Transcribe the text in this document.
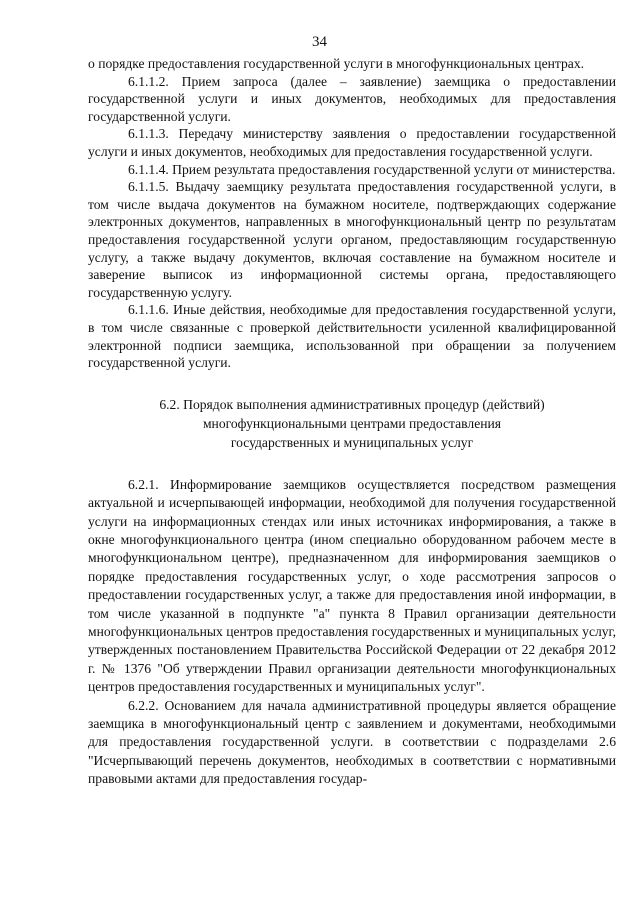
34

о порядке предоставления государственной услуги в многофункциональных центрах.

6.1.1.2. Прием запроса (далее – заявление) заемщика о предоставлении государственной услуги и иных документов, необходимых для предоставления государственной услуги.

6.1.1.3. Передачу министерству заявления о предоставлении государственной услуги и иных документов, необходимых для предоставления государственной услуги.

6.1.1.4. Прием результата предоставления государственной услуги от министерства.

6.1.1.5. Выдачу заемщику результата предоставления государственной услуги, в том числе выдача документов на бумажном носителе, подтверждающих содержание электронных документов, направленных в многофункциональный центр по результатам предоставления государственной услуги органом, предоставляющим государственную услугу, а также выдачу документов, включая составление на бумажном носителе и заверение выписок из информационной системы органа, предоставляющего государственную услугу.

6.1.1.6. Иные действия, необходимые для предоставления государственной услуги, в том числе связанные с проверкой действительности усиленной квалифицированной электронной подписи заемщика, использованной при обращении за получением государственной услуги.

6.2. Порядок выполнения административных процедур (действий)
многофункциональными центрами предоставления
государственных и муниципальных услуг

6.2.1. Информирование заемщиков осуществляется посредством размещения актуальной и исчерпывающей информации, необходимой для получения государственной услуги на информационных стендах или иных источниках информирования, а также в окне многофункционального центра (ином специально оборудованном рабочем месте в многофункциональном центре), предназначенном для информирования заемщиков о порядке предоставления государственных услуг, о ходе рассмотрения запросов о предоставлении государственных услуг, а также для предоставления иной информации, в том числе указанной в подпункте "а" пункта 8 Правил организации деятельности многофункциональных центров предоставления государственных и муниципальных услуг, утвержденных постановлением Правительства Российской Федерации от 22 декабря 2012 г. № 1376 "Об утверждении Правил организации деятельности многофункциональных центров предоставления государственных и муниципальных услуг".

6.2.2. Основанием для начала административной процедуры является обращение заемщика в многофункциональный центр с заявлением и документами, необходимыми для предоставления государственной услуги. в соответствии с подразделами 2.6 "Исчерпывающий перечень документов, необходимых в соответствии с нормативными правовыми актами для предоставления государ-
